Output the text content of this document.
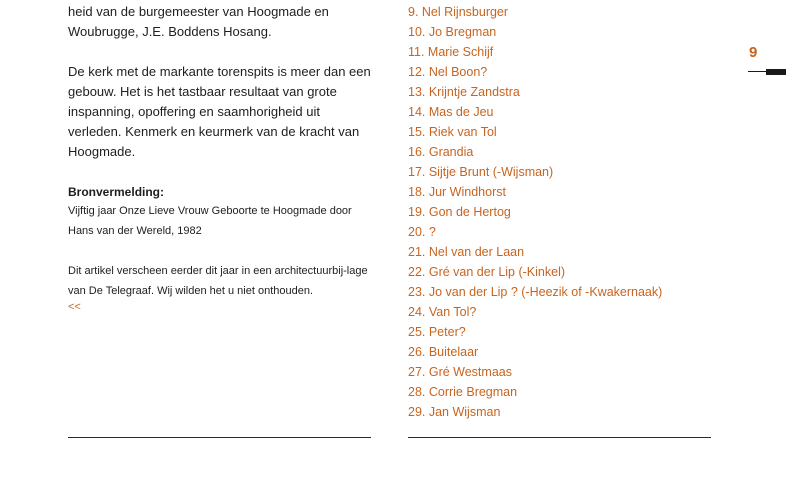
heid van de burgemeester van Hoogmade en Woubrugge, J.E. Boddens Hosang.

De kerk met de markante torenspits is meer dan een gebouw. Het is het tastbaar resultaat van grote inspanning, opoffering en saamhorigheid uit verleden. Kenmerk en keurmerk van de kracht van Hoogmade.

Bronvermelding:

Vijftig jaar Onze Lieve Vrouw Geboorte te Hoogmade door Hans van der Wereld, 1982

Dit artikel verscheen eerder dit jaar in een architectuurbij-lage van De Telegraaf. Wij wilden het u niet onthouden.

<<
9. Nel Rijnsburger
10. Jo Bregman
11. Marie Schijf
12. Nel Boon?
13. Krijntje Zandstra
14. Mas de Jeu
15. Riek van Tol
16. Grandia
17. Sijtje Brunt (-Wijsman)
18. Jur Windhorst
19. Gon de Hertog
20. ?
21. Nel van der Laan
22. Gré van der Lip (-Kinkel)
23. Jo van der Lip ? (-Heezik of -Kwakernaak)
24. Van Tol?
25. Peter?
26. Buitelaar
27. Gré Westmaas
28. Corrie Bregman
29. Jan Wijsman
9
